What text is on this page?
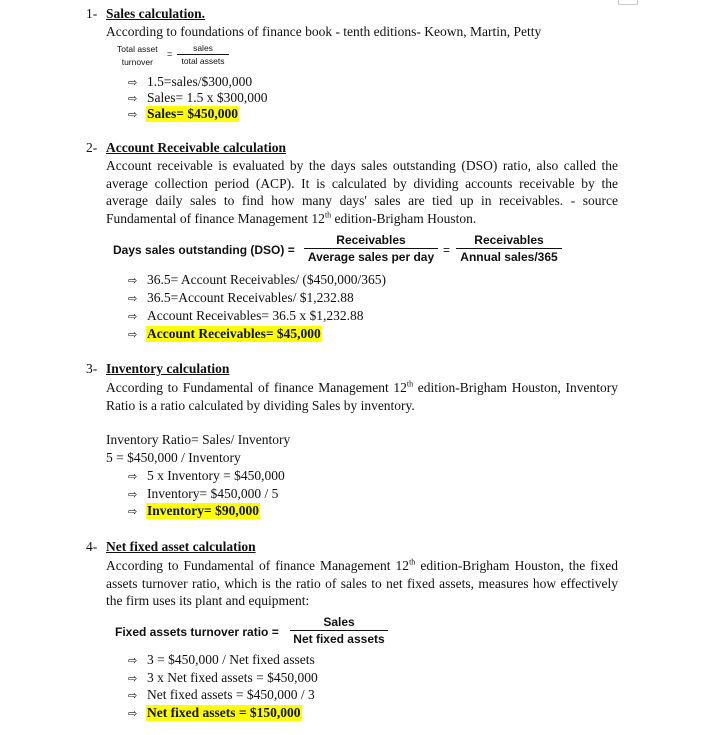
1- Sales calculation.
According to foundations of finance book - tenth editions- Keown, Martin, Petty
Total asset
turnover
=
sales
total assets
⇨ 1.5=sales/$300,000
⇨ Sales= 1.5 x $300,000
⇨ Sales= $450,000
2- Account Receivable calculation
Account receivable is evaluated by the days sales outstanding (DSO) ratio, also called the average collection period (ACP). It is calculated by dividing accounts receivable by the average daily sales to find how many days' sales are tied up in receivables. - source Fundamental of finance Management 12th edition-Brigham Houston.
Days sales outstanding (DSO) =
Receivables
Average sales per day =
Receivables
Annual sales/365
⇨ 36.5= Account Receivables/ ($450,000/365)
⇨ 36.5=Account Receivables/ $1,232.88
⇨ Account Receivables= 36.5 x $1,232.88
⇨ Account Receivables= $45,000
3- Inventory calculation
According to Fundamental of finance Management 12th edition-Brigham Houston, Inventory Ratio is a ratio calculated by dividing Sales by inventory.
Inventory Ratio= Sales/ Inventory
5 = $450,000 / Inventory
⇨ 5 x Inventory = $450,000
⇨ Inventory= $450,000 / 5
⇨ Inventory= $90,000
4- Net fixed asset calculation
According to Fundamental of finance Management 12th edition-Brigham Houston, the fixed assets turnover ratio, which is the ratio of sales to net fixed assets, measures how effectively the firm uses its plant and equipment:
Fixed assets turnover ratio =
Sales
Net fixed assets
⇨ 3 = $450,000 / Net fixed assets
⇨ 3 x Net fixed assets = $450,000
⇨ Net fixed assets = $450,000 / 3
⇨ Net fixed assets = $150,000
